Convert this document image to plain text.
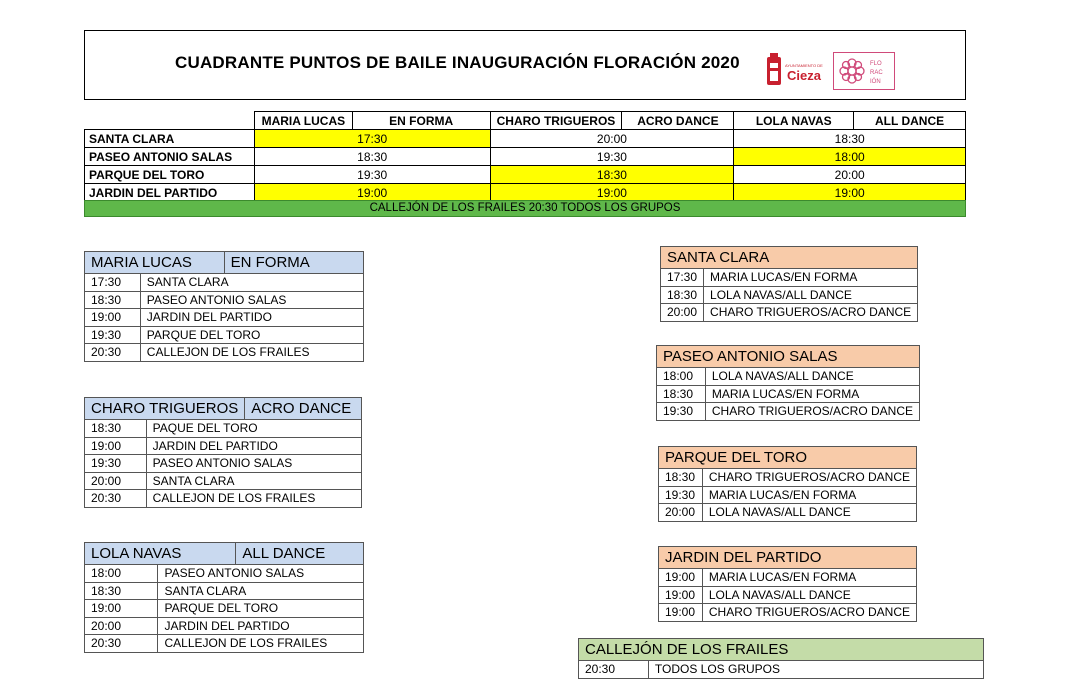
CUADRANTE PUNTOS DE BAILE INAUGURACIÓN FLORACIÓN 2020	AYUNTAMIENTO DE
Cieza
FLO
RAC
IÓN
	MARIA LUCAS	EN FORMA	CHARO TRIGUEROS	ACRO DANCE	LOLA NAVAS	ALL DANCE
SANTA CLARA	17:30		20:00		18:30	
PASEO ANTONIO SALAS	18:30		19:30		18:00	
PARQUE DEL TORO	19:30		18:30		20:00	
JARDIN DEL PARTIDO	19:00		19:00		19:00	
CALLEJÓN DE LOS FRAILES 20:30 TODOS LOS GRUPOS
MARIA LUCAS	EN FORMA
17:30	SANTA CLARA
18:30	PASEO ANTONIO SALAS
19:00	JARDIN DEL PARTIDO
19:30	PARQUE DEL TORO
20:30	CALLEJON DE LOS FRAILES
CHARO TRIGUEROS	ACRO DANCE
18:30	PAQUE DEL TORO
19:00	JARDIN DEL PARTIDO
19:30	PASEO ANTONIO SALAS
20:00	SANTA CLARA
20:30	CALLEJON DE LOS FRAILES
LOLA NAVAS	ALL DANCE
18:00	PASEO ANTONIO SALAS
18:30	SANTA CLARA
19:00	PARQUE DEL TORO
20:00	JARDIN DEL PARTIDO
20:30	CALLEJON DE LOS FRAILES
SANTA CLARA	
17:30	MARIA LUCAS/EN FORMA
18:30	LOLA NAVAS/ALL DANCE
20:00	CHARO TRIGUEROS/ACRO DANCE
PASEO ANTONIO SALAS	
18:00	LOLA NAVAS/ALL DANCE
18:30	MARIA LUCAS/EN FORMA
19:30	CHARO TRIGUEROS/ACRO DANCE
PARQUE DEL TORO	
18:30	CHARO TRIGUEROS/ACRO DANCE
19:30	MARIA LUCAS/EN FORMA
20:00	LOLA NAVAS/ALL DANCE
JARDIN DEL PARTIDO	
19:00	MARIA LUCAS/EN FORMA
19:00	LOLA NAVAS/ALL DANCE
19:00	CHARO TRIGUEROS/ACRO DANCE
CALLEJÓN DE LOS FRAILES
20:30	TODOS LOS GRUPOS
